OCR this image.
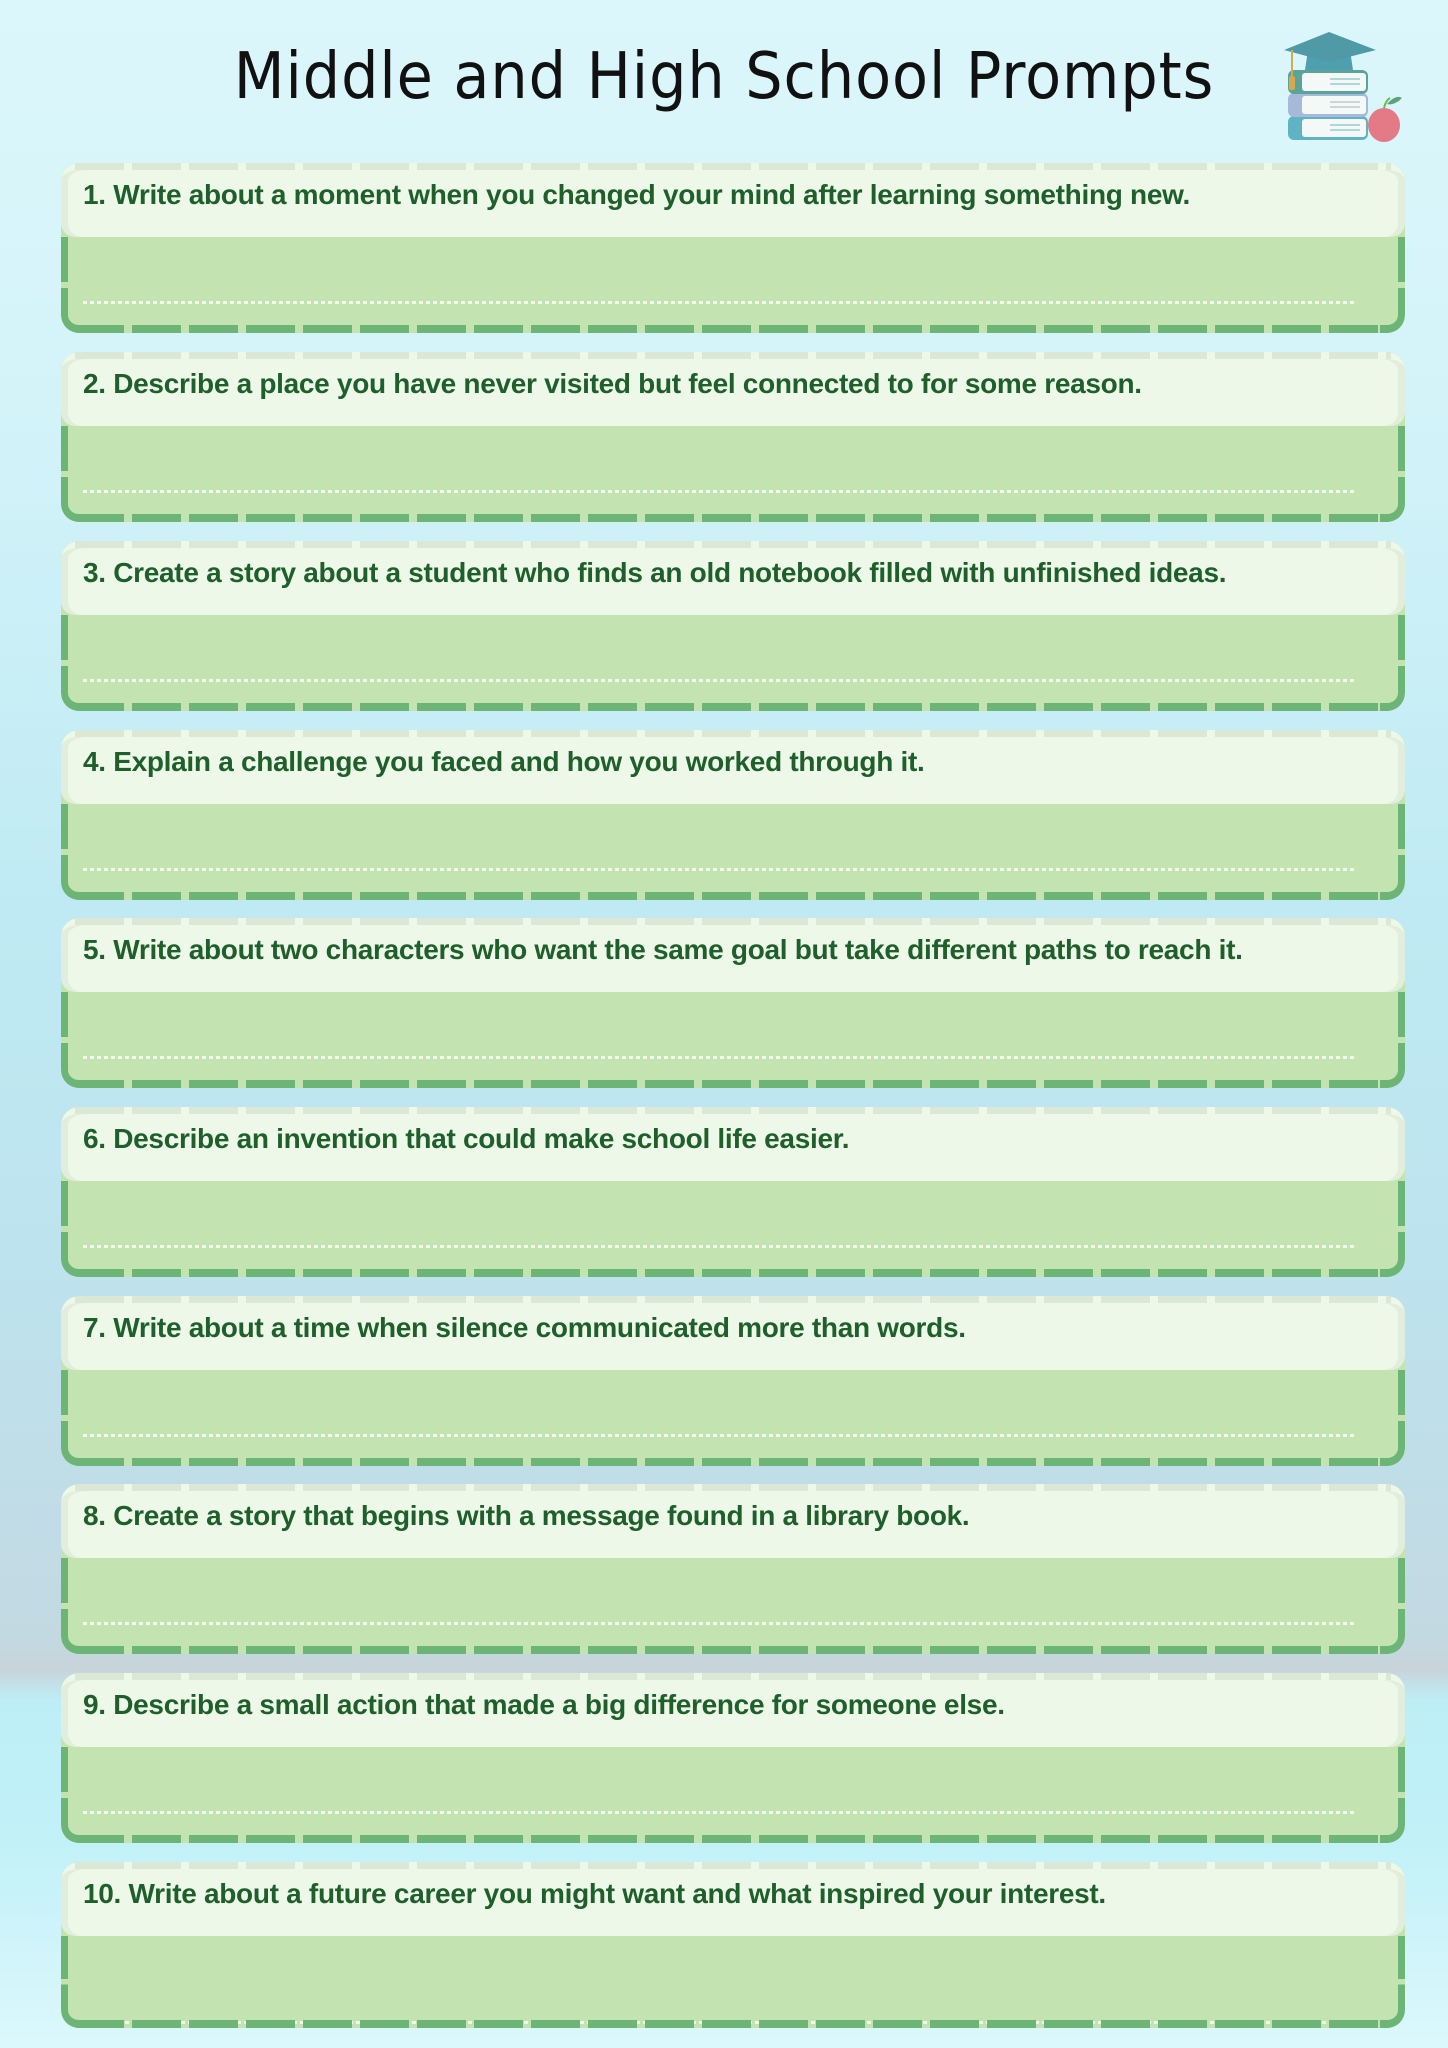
Middle and High School Prompts
1. Write about a moment when you changed your mind after learning something new.
2. Describe a place you have never visited but feel connected to for some reason.
3. Create a story about a student who finds an old notebook filled with unfinished ideas.
4. Explain a challenge you faced and how you worked through it.
5. Write about two characters who want the same goal but take different paths to reach it.
6. Describe an invention that could make school life easier.
7. Write about a time when silence communicated more than words.
8. Create a story that begins with a message found in a library book.
9. Describe a small action that made a big difference for someone else.
10. Write about a future career you might want and what inspired your interest.
